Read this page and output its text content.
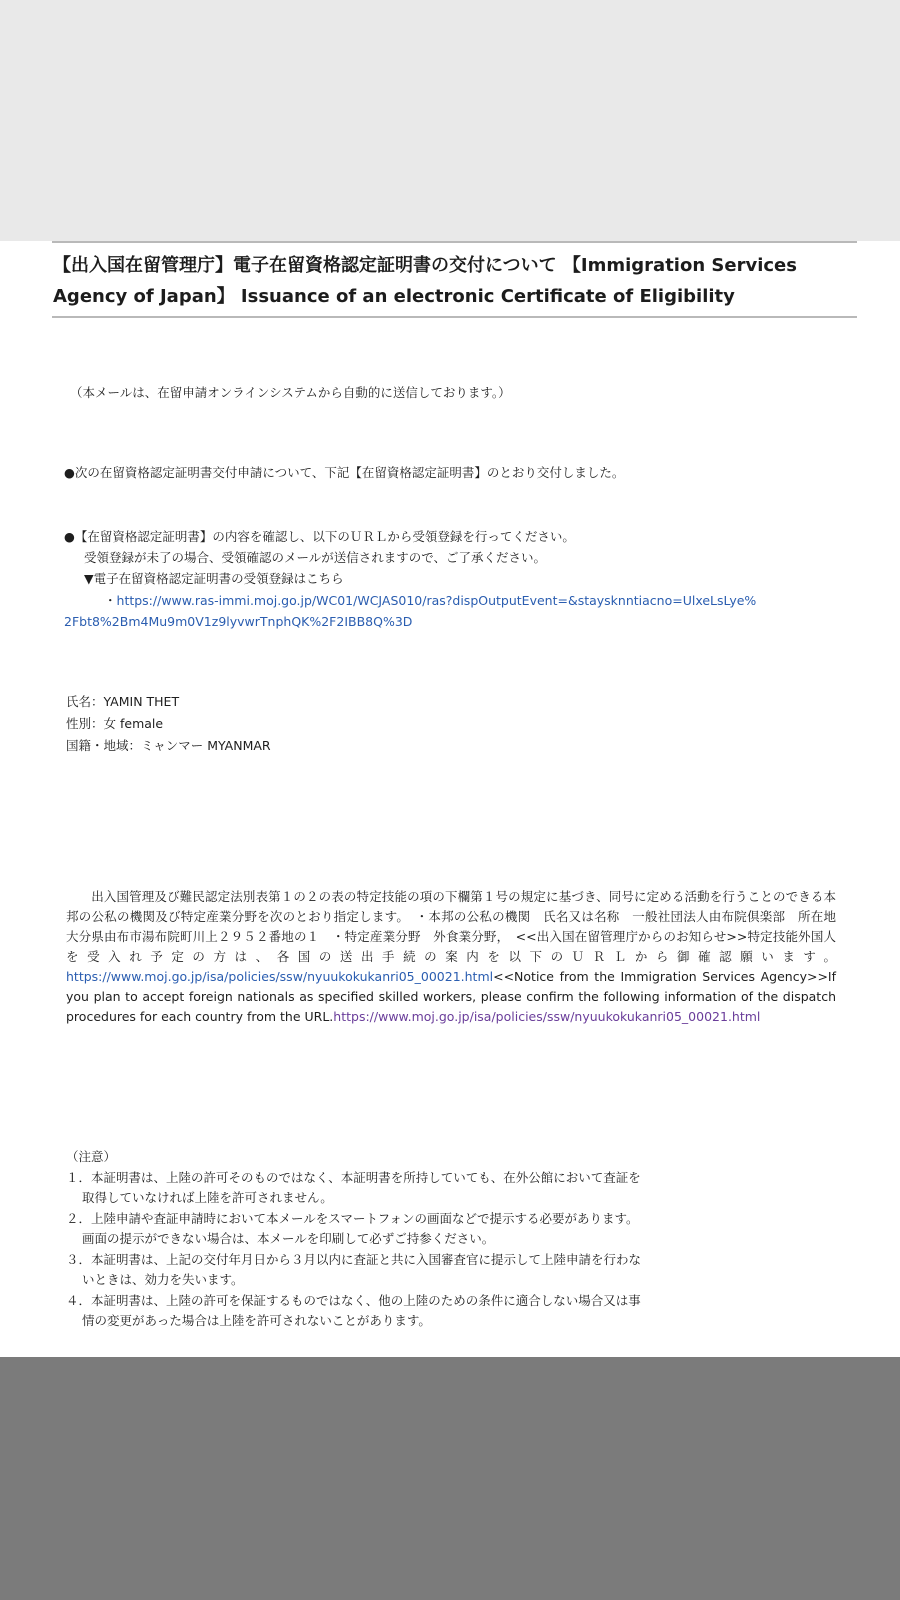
【出入国在留管理庁】電子在留資格認定証明書の交付について 【Immigration Services Agency of Japan】 Issuance of an electronic Certificate of Eligibility

（本メールは、在留申請オンラインシステムから自動的に送信しております。）

●次の在留資格認定証明書交付申請について、下記【在留資格認定証明書】のとおり交付しました。

●【在留資格認定証明書】の内容を確認し、以下のＵＲＬから受領登録を行ってください。

受領登録が未了の場合、受領確認のメールが送信されますので、ご了承ください。

▼電子在留資格認定証明書の受領登録はこちら

・https://www.ras-immi.moj.go.jp/WC01/WCJAS010/ras?dispOutputEvent=&staysknntiacno=UlxeLsLye%

2Fbt8%2Bm4Mu9m0V1z9lyvwrTnphQK%2F2IBB8Q%3D

氏名：YAMIN THET

性別：女 female

国籍・地域：ミャンマー MYANMAR

　　出入国管理及び難民認定法別表第１の２の表の特定技能の項の下欄第１号の規定に基づき、同号に定める活動を行うことのできる本邦の公私の機関及び特定産業分野を次のとおり指定します。　・本邦の公私の機関　氏名又は名称　一般社団法人由布院倶楽部　所在地　大分県由布市湯布院町川上２９５２番地の１　・特定産業分野　外食業分野，　<<出入国在留管理庁からのお知らせ>>特定技能外国人を受入れ予定の方は、各国の送出手続の案内を以下のＵＲＬから御確認願います。https://www.moj.go.jp/isa/policies/ssw/nyuukokukanri05_00021.html<<Notice from the Immigration Services Agency>>If you plan to accept foreign nationals as specified skilled workers, please confirm the following information of the dispatch procedures for each country from the URL.https://www.moj.go.jp/isa/policies/ssw/nyuukokukanri05_00021.html

（注意）
１．本証明書は、上陸の許可そのものではなく、本証明書を所持していても、在外公館において査証を
取得していなければ上陸を許可されません。
２．上陸申請や査証申請時において本メールをスマートフォンの画面などで提示する必要があります。
画面の提示ができない場合は、本メールを印刷して必ずご持参ください。
３．本証明書は、上記の交付年月日から３月以内に査証と共に入国審査官に提示して上陸申請を行わな
いときは、効力を失います。
４．本証明書は、上陸の許可を保証するものではなく、他の上陸のための条件に適合しない場合又は事
情の変更があった場合は上陸を許可されないことがあります。
